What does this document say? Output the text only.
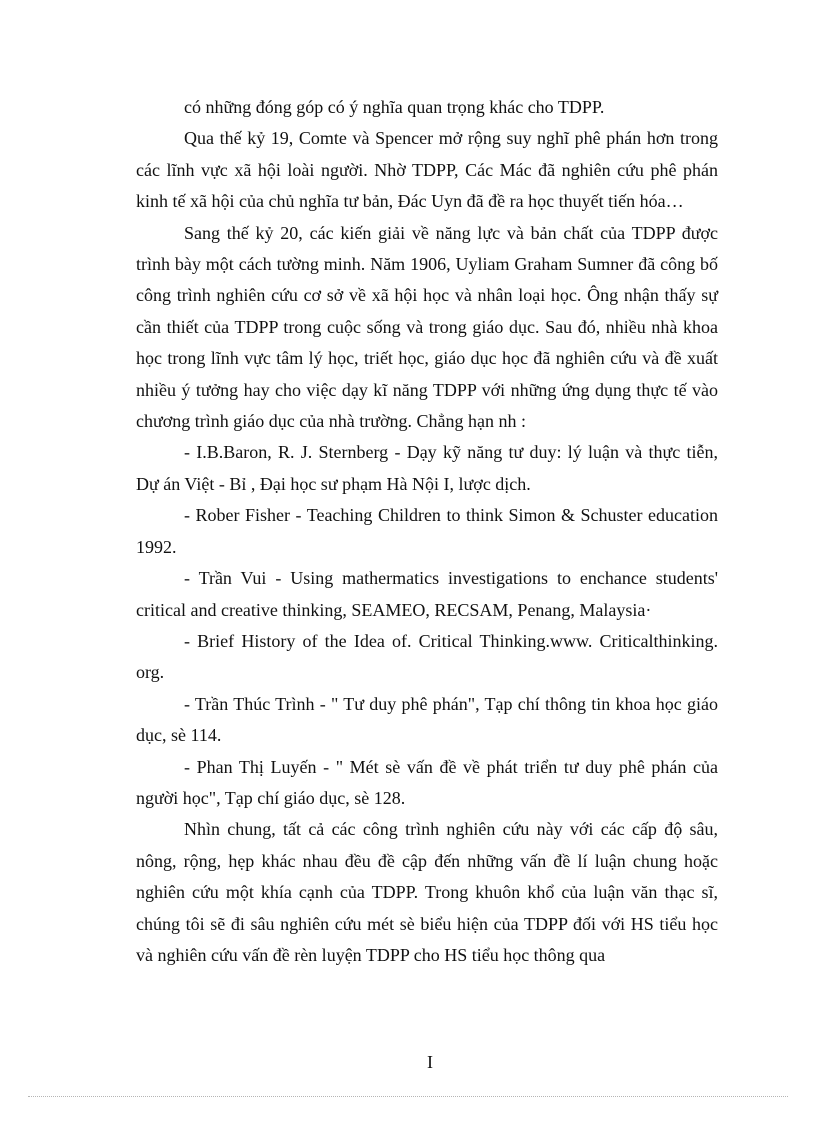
có những đóng góp có ý nghĩa quan trọng khác cho TDPP.

Qua thế kỷ 19, Comte và Spencer mở rộng suy nghĩ phê phán hơn trong các lĩnh vực xã hội loài người. Nhờ TDPP, Các Mác đã nghiên cứu phê phán kinh tế xã hội của chủ nghĩa tư bản, Đác Uyn đã đề ra học thuyết tiến hóa…

Sang thế kỷ 20, các kiến giải về năng lực và bản chất của TDPP được trình bày một cách tường minh. Năm 1906, Uyliam Graham Sumner đã công bố công trình nghiên cứu cơ sở về xã hội học và nhân loại học. Ông nhận thấy sự cần thiết của TDPP trong cuộc sống và trong giáo dục. Sau đó, nhiều nhà khoa học trong lĩnh vực tâm lý học, triết học, giáo dục học đã nghiên cứu và đề xuất nhiều ý tưởng hay cho việc dạy kĩ năng TDPP với những ứng dụng thực tế vào chương trình giáo dục của nhà trường. Chẳng hạn nh :

- I.B.Baron, R. J. Sternberg - Dạy kỹ năng tư duy: lý luận và thực tiễn, Dự án Việt - Bỉ , Đại học sư phạm Hà Nội I, lược dịch.

- Rober Fisher - Teaching Children to think Simon & Schuster education 1992.

- Trần Vui - Using mathermatics investigations to enchance students' critical and creative thinking, SEAMEO, RECSAM, Penang, Malaysia·

- Brief History of the Idea of. Critical Thinking.www. Criticalthinking. org.

- Trần Thúc Trình - " Tư duy phê phán", Tạp chí thông tin khoa học giáo dục, sè 114.

- Phan Thị Luyến - " Mét sè vấn đề về phát triển tư duy phê phán của người học", Tạp chí giáo dục, sè 128.

Nhìn chung, tất cả các công trình nghiên cứu này với các cấp độ sâu, nông, rộng, hẹp khác nhau đều đề cập đến những vấn đề lí luận chung hoặc nghiên cứu một khía cạnh của TDPP. Trong khuôn khổ của luận văn thạc sĩ, chúng tôi sẽ đi sâu nghiên cứu mét sè biểu hiện của TDPP đối với HS tiểu học và nghiên cứu vấn đề rèn luyện TDPP cho HS tiểu học thông qua

I
